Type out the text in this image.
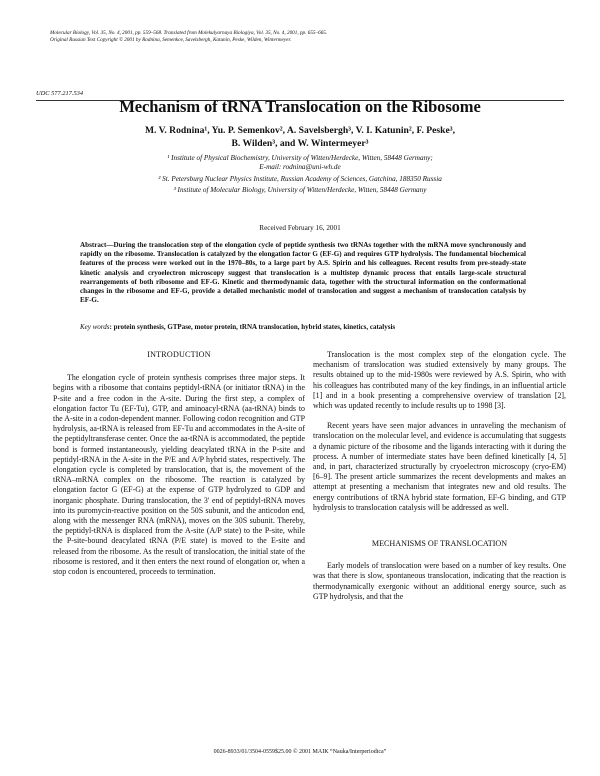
Molecular Biology, Vol. 35, No. 4, 2001, pp. 559–568. Translated from Molekulyarnaya Biologiya, Vol. 35, No. 4, 2001, pp. 655–665.
Original Russian Text Copyright © 2001 by Rodnina, Semenkov, Savelsbergh, Katunin, Peske, Wilden, Wintermeyer.
UDC 577.217.534
Mechanism of tRNA Translocation on the Ribosome
M. V. Rodnina¹, Yu. P. Semenkov², A. Savelsbergh³, V. I. Katunin², F. Peske³,
B. Wilden³, and W. Wintermeyer³
¹ Institute of Physical Biochemistry, University of Witten/Herdecke, Witten, 58448 Germany;
E-mail: rodnina@uni-wh.de
² St. Petersburg Nuclear Physics Institute, Russian Academy of Sciences, Gatchina, 188350 Russia
³ Institute of Molecular Biology, University of Witten/Herdecke, Witten, 58448 Germany
Received February 16, 2001
Abstract—During the translocation step of the elongation cycle of peptide synthesis two tRNAs together with the mRNA move synchronously and rapidly on the ribosome. Translocation is catalyzed by the elongation factor G (EF-G) and requires GTP hydrolysis. The fundamental biochemical features of the process were worked out in the 1970–80s, to a large part by A.S. Spirin and his colleagues. Recent results from pre-steady-state kinetic analysis and cryoelectron microscopy suggest that translocation is a multistep dynamic process that entails large-scale structural rearrangements of both ribosome and EF-G. Kinetic and thermodynamic data, together with the structural information on the conformational changes in the ribosome and EF-G, provide a detailed mechanistic model of translocation and suggest a mechanism of translocation catalysis by EF-G.
Key words: protein synthesis, GTPase, motor protein, tRNA translocation, hybrid states, kinetics, catalysis
INTRODUCTION

The elongation cycle of protein synthesis comprises three major steps. It begins with a ribosome that contains peptidyl-tRNA (or initiator tRNA) in the P-site and a free codon in the A-site. During the first step, a complex of elongation factor Tu (EF-Tu), GTP, and aminoacyl-tRNA (aa-tRNA) binds to the A-site in a codon-dependent manner. Following codon recognition and GTP hydrolysis, aa-tRNA is released from EF-Tu and accommodates in the A-site of the peptidyltransferase center. Once the aa-tRNA is accommodated, the peptide bond is formed instantaneously, yielding deacylated tRNA in the P-site and peptidyl-tRNA in the A-site in the P/E and A/P hybrid states, respectively. The elongation cycle is completed by translocation, that is, the movement of the tRNA–mRNA complex on the ribosome. The reaction is catalyzed by elongation factor G (EF-G) at the expense of GTP hydrolyzed to GDP and inorganic phosphate. During translocation, the 3′ end of peptidyl-tRNA moves into its puromycin-reactive position on the 50S subunit, and the anticodon end, along with the messenger RNA (mRNA), moves on the 30S subunit. Thereby, the peptidyl-tRNA is displaced from the A-site (A/P state) to the P-site, while the P-site-bound deacylated tRNA (P/E state) is moved to the E-site and released from the ribosome. As the result of translocation, the initial state of the ribosome is restored, and it then enters the next round of elongation or, when a stop codon is encountered, proceeds to termination.

Translocation is the most complex step of the elongation cycle. The mechanism of translocation was studied extensively by many groups. The results obtained up to the mid-1980s were reviewed by A.S. Spirin, who with his colleagues has contributed many of the key findings, in an influential article [1] and in a book presenting a comprehensive overview of translation [2], which was updated recently to include results up to 1998 [3].

Recent years have seen major advances in unraveling the mechanism of translocation on the molecular level, and evidence is accumulating that suggests a dynamic picture of the ribosome and the ligands interacting with it during the process. A number of intermediate states have been defined kinetically [4, 5] and, in part, characterized structurally by cryoelectron microscopy (cryo-EM) [6–9]. The present article summarizes the recent developments and makes an attempt at presenting a mechanism that integrates new and old results. The energy contributions of tRNA hybrid state formation, EF-G binding, and GTP hydrolysis to translocation catalysis will be addressed as well.

MECHANISMS OF TRANSLOCATION

Early models of translocation were based on a number of key results. One was that there is slow, spontaneous translocation, indicating that the reaction is thermodynamically exergonic without an additional energy source, such as GTP hydrolysis, and that the

0026-8933/01/3504-0559$25.00 © 2001 MAIK “Nauka/Interperiodica”
